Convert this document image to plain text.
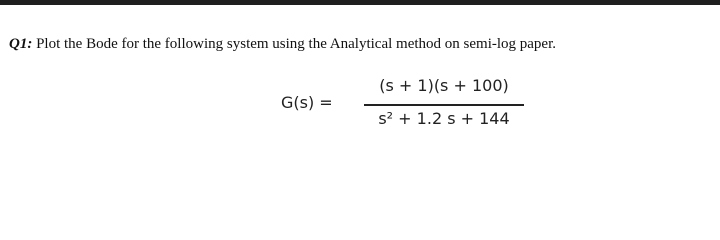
Q1: Plot the Bode for the following system using the Analytical method on semi-log paper.
G(s) =
(s + 1)(s + 100)
s² + 1.2 s + 144
